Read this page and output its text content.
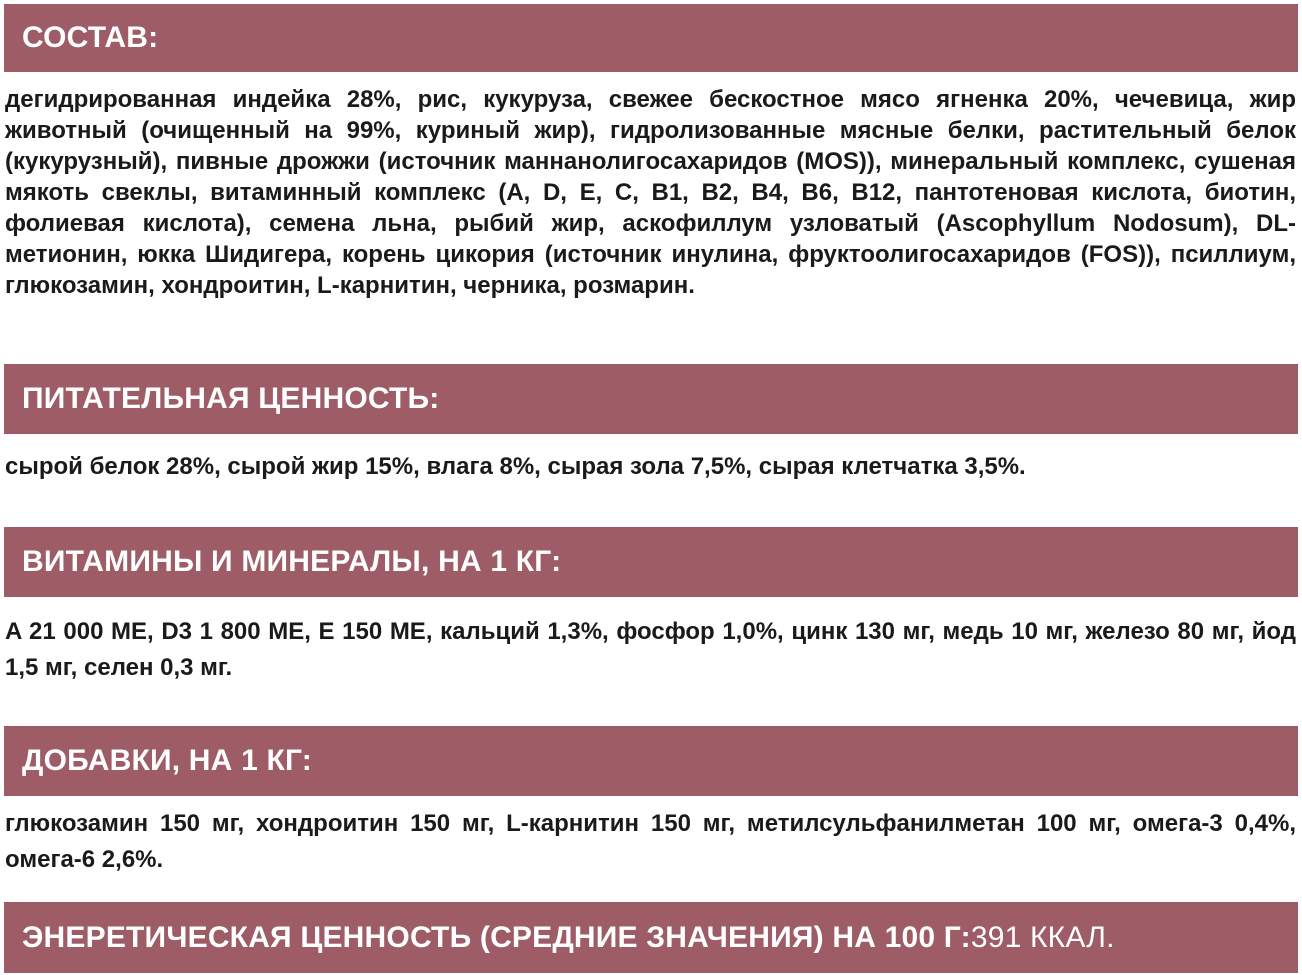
СОСТАВ:

дегидрированная индейка 28%, рис, кукуруза, свежее бескостное мясо ягненка 20%, чечевица, жир животный (очищенный на 99%, куриный жир), гидролизованные мясные белки, растительный белок (кукурузный), пивные дрожжи (источник маннанолигосахаридов (MOS)), минеральный комплекс, сушеная мякоть свеклы, витаминный комплекс (A, D, E, C, B1, B2, B4, B6, B12, пантотеновая кислота, биотин, фолиевая кислота), семена льна, рыбий жир, аскофиллум узловатый (Ascophyllum Nodosum), DL-метионин, юкка Шидигера, корень цикория (источник инулина, фруктоолигосахаридов (FOS)), псиллиум, глюкозамин, хондроитин, L-карнитин, черника, розмарин.

ПИТАТЕЛЬНАЯ ЦЕННОСТЬ:

сырой белок 28%, сырой жир 15%, влага 8%, сырая зола 7,5%, сырая клетчатка 3,5%.

ВИТАМИНЫ И МИНЕРАЛЫ, НА 1 КГ:

A 21 000 МЕ, D3 1 800 МЕ, E 150 МЕ, кальций 1,3%, фосфор 1,0%, цинк 130 мг, медь 10 мг, железо 80 мг, йод 1,5 мг, селен 0,3 мг.

ДОБАВКИ, НА 1 КГ:

глюкозамин 150 мг, хондроитин 150 мг, L-карнитин 150 мг, метилсульфанилметан 100 мг, омега-3 0,4%, омега-6 2,6%.

ЭНЕРЕТИЧЕСКАЯ ЦЕННОСТЬ (СРЕДНИЕ ЗНАЧЕНИЯ) НА 100 Г: 391 ККАЛ.
